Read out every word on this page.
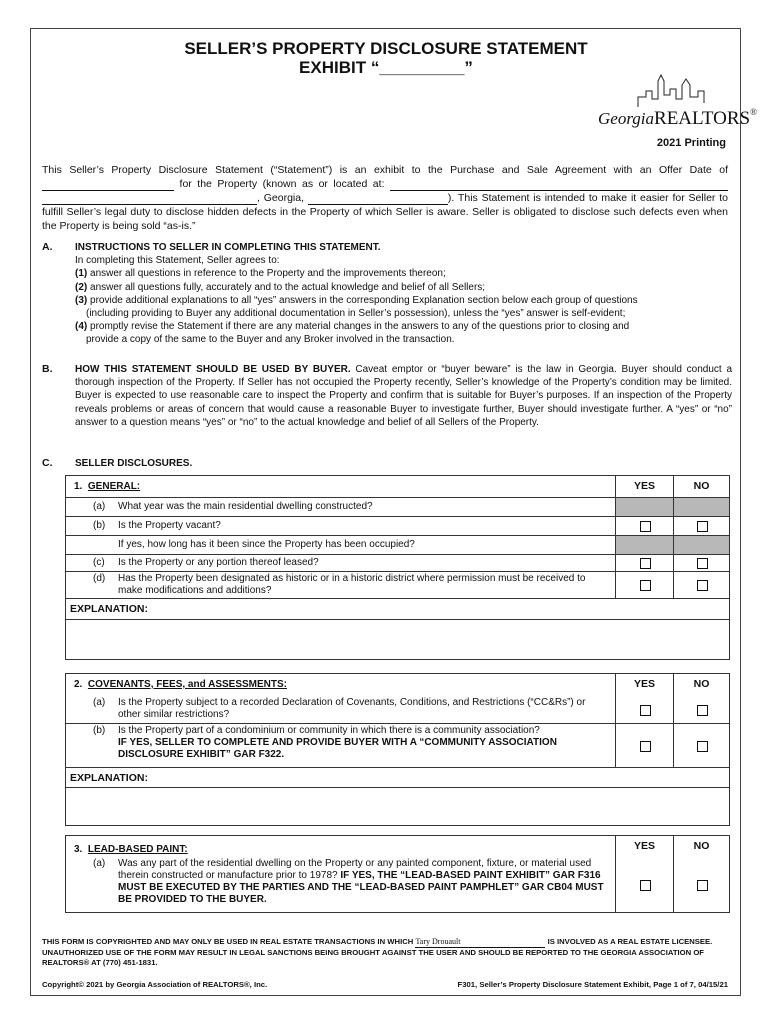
SELLER’S PROPERTY DISCLOSURE STATEMENT
EXHIBIT “_________”
GeorgiaREALTORS®
2021 Printing
This Seller’s Property Disclosure Statement (“Statement”) is an exhibit to the Purchase and Sale Agreement with an Offer Date of  for the Property (known as or located at:  , Georgia,	). This Statement is intended to make it easier for Seller to fulfill Seller’s legal duty to disclose hidden defects in the Property of which Seller is aware. Seller is obligated to disclose such defects even when the Property is being sold “as-is.”
A. INSTRUCTIONS TO SELLER IN COMPLETING THIS STATEMENT.
In completing this Statement, Seller agrees to:
(1) answer all questions in reference to the Property and the improvements thereon;
(2) answer all questions fully, accurately and to the actual knowledge and belief of all Sellers;
(3) provide additional explanations to all “yes” answers in the corresponding Explanation section below each group of questions
(including providing to Buyer any additional documentation in Seller’s possession), unless the “yes” answer is self-evident;
(4) promptly revise the Statement if there are any material changes in the answers to any of the questions prior to closing and
provide a copy of the same to the Buyer and any Broker involved in the transaction.
B. HOW THIS STATEMENT SHOULD BE USED BY BUYER. Caveat emptor or “buyer beware” is the law in Georgia. Buyer should conduct a thorough inspection of the Property. If Seller has not occupied the Property recently, Seller’s knowledge of the Property’s condition may be limited. Buyer is expected to use reasonable care to inspect the Property and confirm that is suitable for Buyer’s purposes. If an inspection of the Property reveals problems or areas of concern that would cause a reasonable Buyer to investigate further, Buyer should investigate further. A “yes” or “no” answer to a question means “yes” or “no” to the actual knowledge and belief of all Sellers of the Property.
C. SELLER DISCLOSURES.
1. GENERAL:	YES	NO
(a) What year was the main residential dwelling constructed?
(b) Is the Property vacant?
If yes, how long has it been since the Property has been occupied?
(c) Is the Property or any portion thereof leased?
(d) Has the Property been designated as historic or in a historic district where permission must be received to make modifications and additions?
EXPLANATION:
2. COVENANTS, FEES, and ASSESSMENTS:	YES	NO
(a) Is the Property subject to a recorded Declaration of Covenants, Conditions, and Restrictions (“CC&Rs”) or other similar restrictions?
(b) Is the Property part of a condominium or community in which there is a community association?
IF YES, SELLER TO COMPLETE AND PROVIDE BUYER WITH A “COMMUNITY ASSOCIATION DISCLOSURE EXHIBIT” GAR F322.
EXPLANATION:
3. LEAD-BASED PAINT:	YES	NO
(a) Was any part of the residential dwelling on the Property or any painted component, fixture, or material used therein constructed or manufacture prior to 1978? IF YES, THE “LEAD-BASED PAINT EXHIBIT” GAR F316 MUST BE EXECUTED BY THE PARTIES AND THE “LEAD-BASED PAINT PAMPHLET” GAR CB04 MUST BE PROVIDED TO THE BUYER.
THIS FORM IS COPYRIGHTED AND MAY ONLY BE USED IN REAL ESTATE TRANSACTIONS IN WHICH Tary Drouault	IS INVOLVED AS A REAL ESTATE LICENSEE. UNAUTHORIZED USE OF THE FORM MAY RESULT IN LEGAL SANCTIONS BEING BROUGHT AGAINST THE USER AND SHOULD BE REPORTED TO THE GEORGIA ASSOCIATION OF REALTORS® AT (770) 451-1831.
Copyright© 2021 by Georgia Association of REALTORS®, Inc.	F301, Seller’s Property Disclosure Statement Exhibit, Page 1 of 7, 04/15/21
